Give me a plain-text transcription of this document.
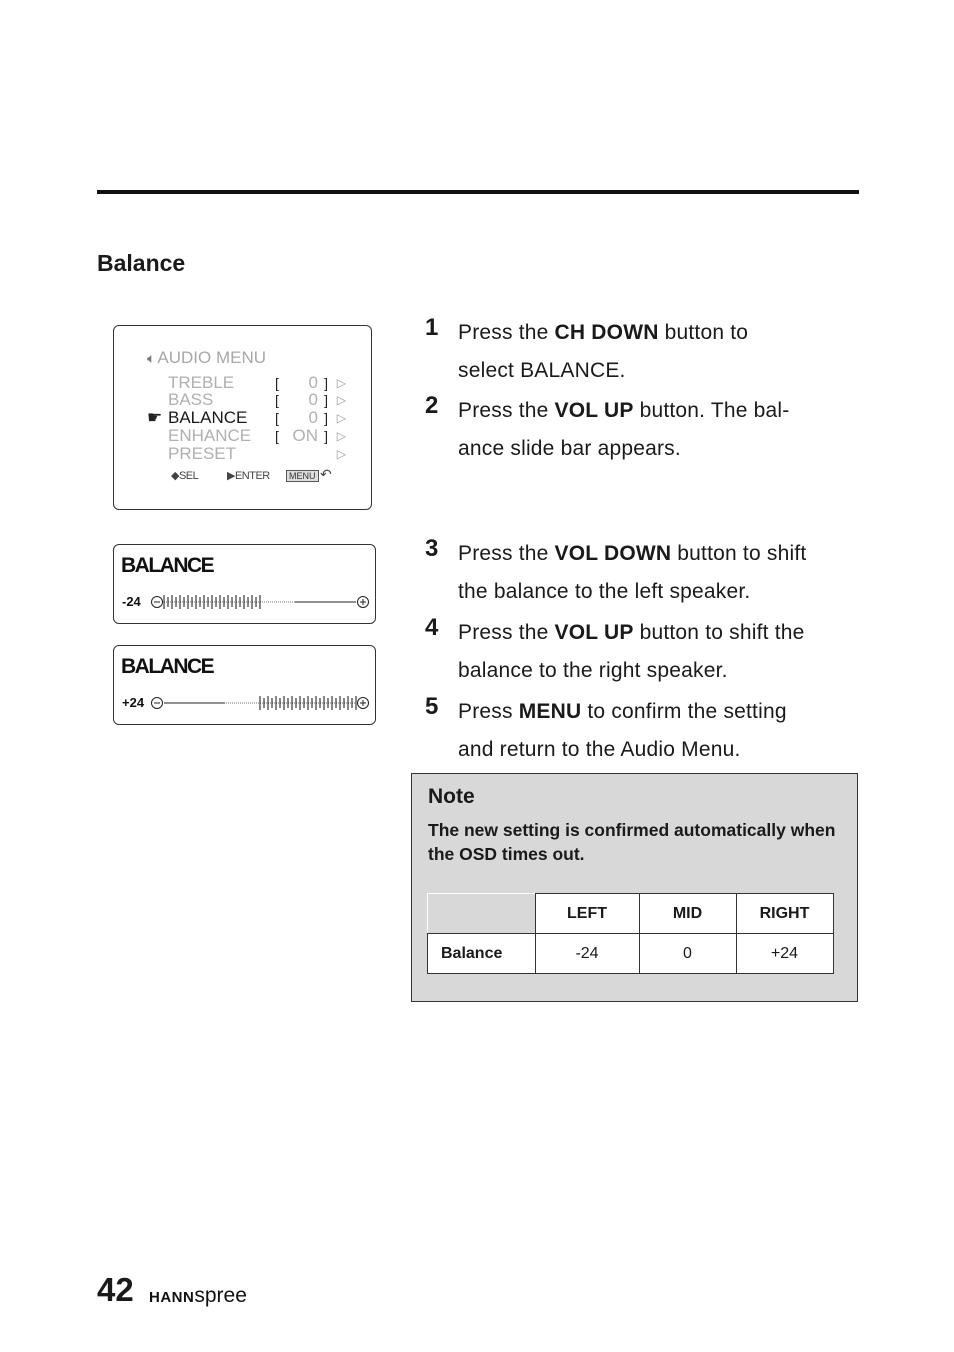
Balance
🔈︎ AUDIO MENU
TREBLE	[	0 ] ▷
BASS	[	0 ] ▷
☛ BALANCE [	0 ] ▷
ENHANCE [ ON ] ▷
PRESET	▷
◆SEL	▶ENTER	MENU ↶
BALANCE
-24
BALANCE
+24
1 Press the CH DOWN button to
select BALANCE.
2 Press the VOL UP button. The bal-
ance slide bar appears.
3 Press the VOL DOWN button to shift
the balance to the left speaker.
4 Press the VOL UP button to shift the
balance to the right speaker.
5 Press MENU to confirm the setting
and return to the Audio Menu.
Note
The new setting is confirmed automatically when the OSD times out.
	LEFT	MID	RIGHT
Balance	-24	0	+24
42 HANNspree
